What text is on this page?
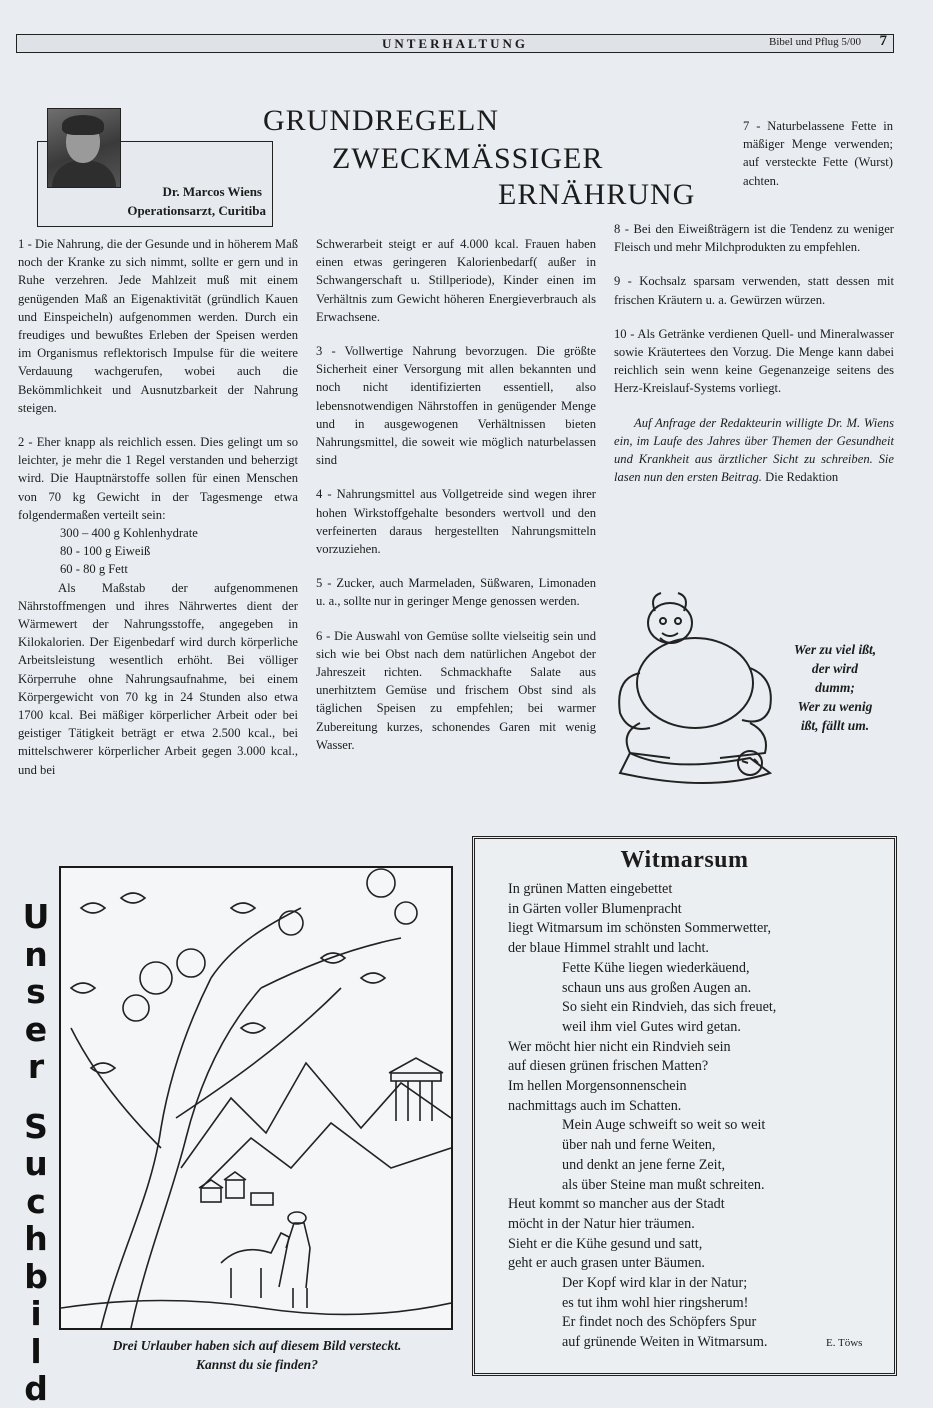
UNTERHALTUNG	Bibel und Pflug 5/00 7
Dr. Marcos Wiens
Operationsarzt, Curitiba
GRUNDREGELN
ZWECKMÄSSIGER
ERNÄHRUNG

1 - Die Nahrung, die der Gesunde und in höherem Maß noch der Kranke zu sich nimmt, sollte er gern und in Ruhe verzehren. Jede Mahlzeit muß mit einem genügenden Maß an Eigenaktivität (gründlich Kauen und Einspeicheln) aufgenommen werden. Durch ein freudiges und bewußtes Erleben der Speisen werden im Organismus reflektorisch Impulse für die weitere Verdauung wachgerufen, wobei auch die Bekömmlichkeit und Ausnutzbarkeit der Nahrung steigen.

2 - Eher knapp als reichlich essen. Dies gelingt um so leichter, je mehr die 1 Regel verstanden und beherzigt wird. Die Hauptnärstoffe sollen für einen Menschen von 70 kg Gewicht in der Tagesmenge etwa folgendermaßen verteilt sein:

300 – 400 g Kohlenhydrate
80 - 100 g Eiweiß
60 - 80 g Fett

Als Maßstab der aufgenommenen Nährstoffmengen und ihres Nährwertes dient der Wärmewert der Nahrungsstoffe, angegeben in Kilokalorien. Der Eigenbedarf wird durch körperliche Arbeitsleistung wesentlich erhöht. Bei völliger Körperruhe ohne Nahrungsaufnahme, bei einem Körpergewicht von 70 kg in 24 Stunden also etwa 1700 kcal. Bei mäßiger körperlicher Arbeit oder bei geistiger Tätigkeit beträgt er etwa 2.500 kcal., bei mittelschwerer körperlicher Arbeit gegen 3.000 kcal., und bei

Schwerarbeit steigt er auf 4.000 kcal. Frauen haben einen etwas geringeren Kalorienbedarf( außer in Schwangerschaft u. Stillperiode), Kinder einen im Verhältnis zum Gewicht höheren Energieverbrauch als Erwachsene.

3 - Vollwertige Nahrung bevorzugen. Die größte Sicherheit einer Versorgung mit allen bekannten und noch nicht identifizierten essentiell, also lebensnotwendigen Nährstoffen in genügender Menge und in ausgewogenen Verhältnissen bieten Nahrungsmittel, die soweit wie möglich naturbelassen sind

4 - Nahrungsmittel aus Vollgetreide sind wegen ihrer hohen Wirkstoffgehalte besonders wertvoll und den verfeinerten daraus hergestellten Nahrungsmitteln vorzuziehen.

5 - Zucker, auch Marmeladen, Süßwaren, Limonaden u. a., sollte nur in geringer Menge genossen werden.

6 - Die Auswahl von Gemüse sollte vielseitig sein und sich wie bei Obst nach dem natürlichen Angebot der Jahreszeit richten. Schmackhafte Salate aus unerhitztem Gemüse und frischem Obst sind als täglichen Speisen zu empfehlen; bei warmer Zubereitung kurzes, schonendes Garen mit wenig Wasser.

7 - Naturbelassene Fette in mäßiger Menge verwenden; auf versteckte Fette (Wurst) achten.

8 - Bei den Eiweißträgern ist die Tendenz zu weniger Fleisch und mehr Milchprodukten zu empfehlen.

9 - Kochsalz sparsam verwenden, statt dessen mit frischen Kräutern u. a. Gewürzen würzen.

10 - Als Getränke verdienen Quell- und Mineralwasser sowie Kräutertees den Vorzug. Die Menge kann dabei reichlich sein wenn keine Gegenanzeige seitens des Herz-Kreislauf-Systems vorliegt.

Auf Anfrage der Redakteurin willigte Dr. M. Wiens ein, im Laufe des Jahres über Themen der Gesundheit und Krankheit aus ärztlicher Sicht zu schreiben. Sie lasen nun den ersten Beitrag. Die Redaktion

Wer zu viel ißt,
der wird
dumm;
Wer zu wenig
ißt, fällt um.
U
n
s
e
r
S
u
c
h
b
i
l
d
Drei Urlauber haben sich auf diesem Bild versteckt.
Kannst du sie finden?
Witmarsum
In grünen Matten eingebettet
in Gärten voller Blumenpracht
liegt Witmarsum im schönsten Sommerwetter,
der blaue Himmel strahlt und lacht.
Fette Kühe liegen wiederkäuend,
schaun uns aus großen Augen an.
So sieht ein Rindvieh, das sich freuet,
weil ihm viel Gutes wird getan.
Wer möcht hier nicht ein Rindvieh sein
auf diesen grünen frischen Matten?
Im hellen Morgensonnenschein
nachmittags auch im Schatten.
Mein Auge schweift so weit so weit
über nah und ferne Weiten,
und denkt an jene ferne Zeit,
als über Steine man mußt schreiten.
Heut kommt so mancher aus der Stadt
möcht in der Natur hier träumen.
Sieht er die Kühe gesund und satt,
geht er auch grasen unter Bäumen.
Der Kopf wird klar in der Natur;
es tut ihm wohl hier ringsherum!
Er findet noch des Schöpfers Spur
auf grünende Weiten in Witmarsum.	E. Töws
